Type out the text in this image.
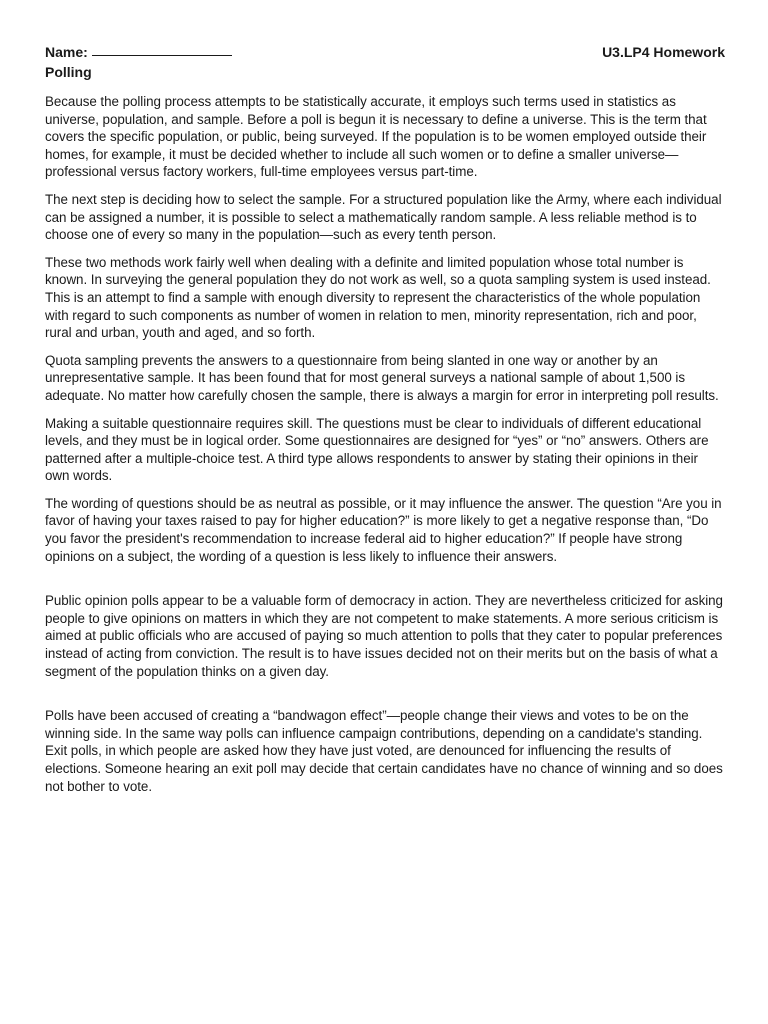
Name:	U3.LP4 Homework
Polling

Because the polling process attempts to be statistically accurate, it employs such terms used in statistics as universe, population, and sample. Before a poll is begun it is necessary to define a universe. This is the term that covers the specific population, or public, being surveyed. If the population is to be women employed outside their homes, for example, it must be decided whether to include all such women or to define a smaller universe—professional versus factory workers, full-time employees versus part-time.

The next step is deciding how to select the sample. For a structured population like the Army, where each individual can be assigned a number, it is possible to select a mathematically random sample. A less reliable method is to choose one of every so many in the population—such as every tenth person.

These two methods work fairly well when dealing with a definite and limited population whose total number is known. In surveying the general population they do not work as well, so a quota sampling system is used instead. This is an attempt to find a sample with enough diversity to represent the characteristics of the whole population with regard to such components as number of women in relation to men, minority representation, rich and poor, rural and urban, youth and aged, and so forth.

Quota sampling prevents the answers to a questionnaire from being slanted in one way or another by an unrepresentative sample. It has been found that for most general surveys a national sample of about 1,500 is adequate. No matter how carefully chosen the sample, there is always a margin for error in interpreting poll results.

Making a suitable questionnaire requires skill. The questions must be clear to individuals of different educational levels, and they must be in logical order. Some questionnaires are designed for “yes” or “no” answers. Others are patterned after a multiple-choice test. A third type allows respondents to answer by stating their opinions in their own words.

The wording of questions should be as neutral as possible, or it may influence the answer. The question “Are you in favor of having your taxes raised to pay for higher education?” is more likely to get a negative response than, “Do you favor the president's recommendation to increase federal aid to higher education?” If people have strong opinions on a subject, the wording of a question is less likely to influence their answers.

Public opinion polls appear to be a valuable form of democracy in action. They are nevertheless criticized for asking people to give opinions on matters in which they are not competent to make statements. A more serious criticism is aimed at public officials who are accused of paying so much attention to polls that they cater to popular preferences instead of acting from conviction. The result is to have issues decided not on their merits but on the basis of what a segment of the population thinks on a given day.

Polls have been accused of creating a “bandwagon effect”—people change their views and votes to be on the winning side. In the same way polls can influence campaign contributions, depending on a candidate's standing. Exit polls, in which people are asked how they have just voted, are denounced for influencing the results of elections. Someone hearing an exit poll may decide that certain candidates have no chance of winning and so does not bother to vote.
